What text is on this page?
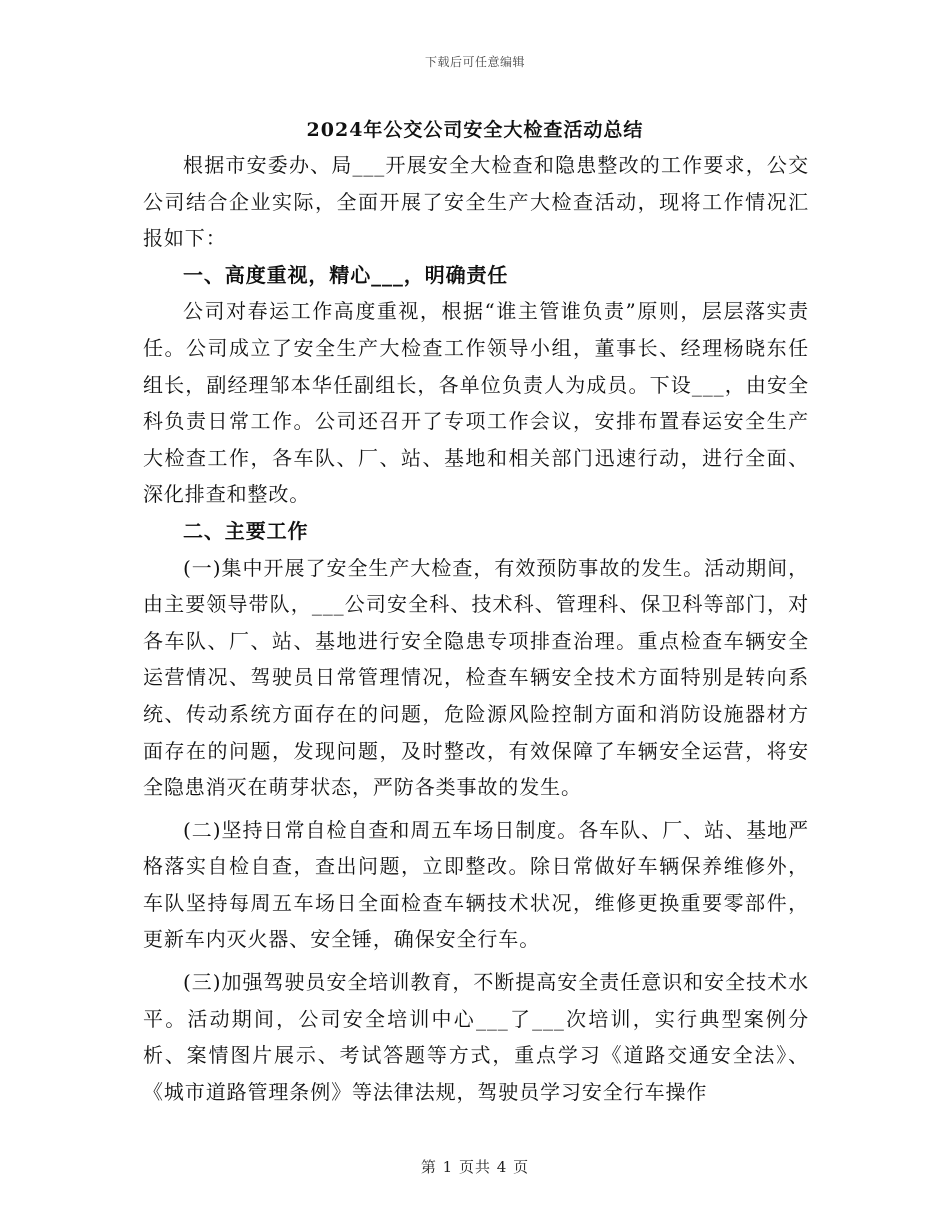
下载后可任意编辑
2024年公交公司安全大检查活动总结

根据市安委办、局___开展安全大检查和隐患整改的工作要求，公交公司结合企业实际，全面开展了安全生产大检查活动，现将工作情况汇报如下：

一、高度重视，精心___，明确责任

公司对春运工作高度重视，根据“谁主管谁负责”原则，层层落实责任。公司成立了安全生产大检查工作领导小组，董事长、经理杨晓东任组长，副经理邹本华任副组长，各单位负责人为成员。下设___，由安全科负责日常工作。公司还召开了专项工作会议，安排布置春运安全生产大检查工作，各车队、厂、站、基地和相关部门迅速行动，进行全面、深化排查和整改。

二、主要工作

(一)集中开展了安全生产大检查，有效预防事故的发生。活动期间，由主要领导带队，___公司安全科、技术科、管理科、保卫科等部门，对各车队、厂、站、基地进行安全隐患专项排查治理。重点检查车辆安全运营情况、驾驶员日常管理情况，检查车辆安全技术方面特别是转向系统、传动系统方面存在的问题，危险源风险控制方面和消防设施器材方面存在的问题，发现问题，及时整改，有效保障了车辆安全运营，将安全隐患消灭在萌芽状态，严防各类事故的发生。

(二)坚持日常自检自查和周五车场日制度。各车队、厂、站、基地严格落实自检自查，查出问题，立即整改。除日常做好车辆保养维修外，车队坚持每周五车场日全面检查车辆技术状况，维修更换重要零部件，更新车内灭火器、安全锤，确保安全行车。

(三)加强驾驶员安全培训教育，不断提高安全责任意识和安全技术水平。活动期间，公司安全培训中心___了___次培训，实行典型案例分析、案情图片展示、考试答题等方式，重点学习《道路交通安全法》、《城市道路管理条例》等法律法规，驾驶员学习安全行车操作

第 1 页共 4 页
